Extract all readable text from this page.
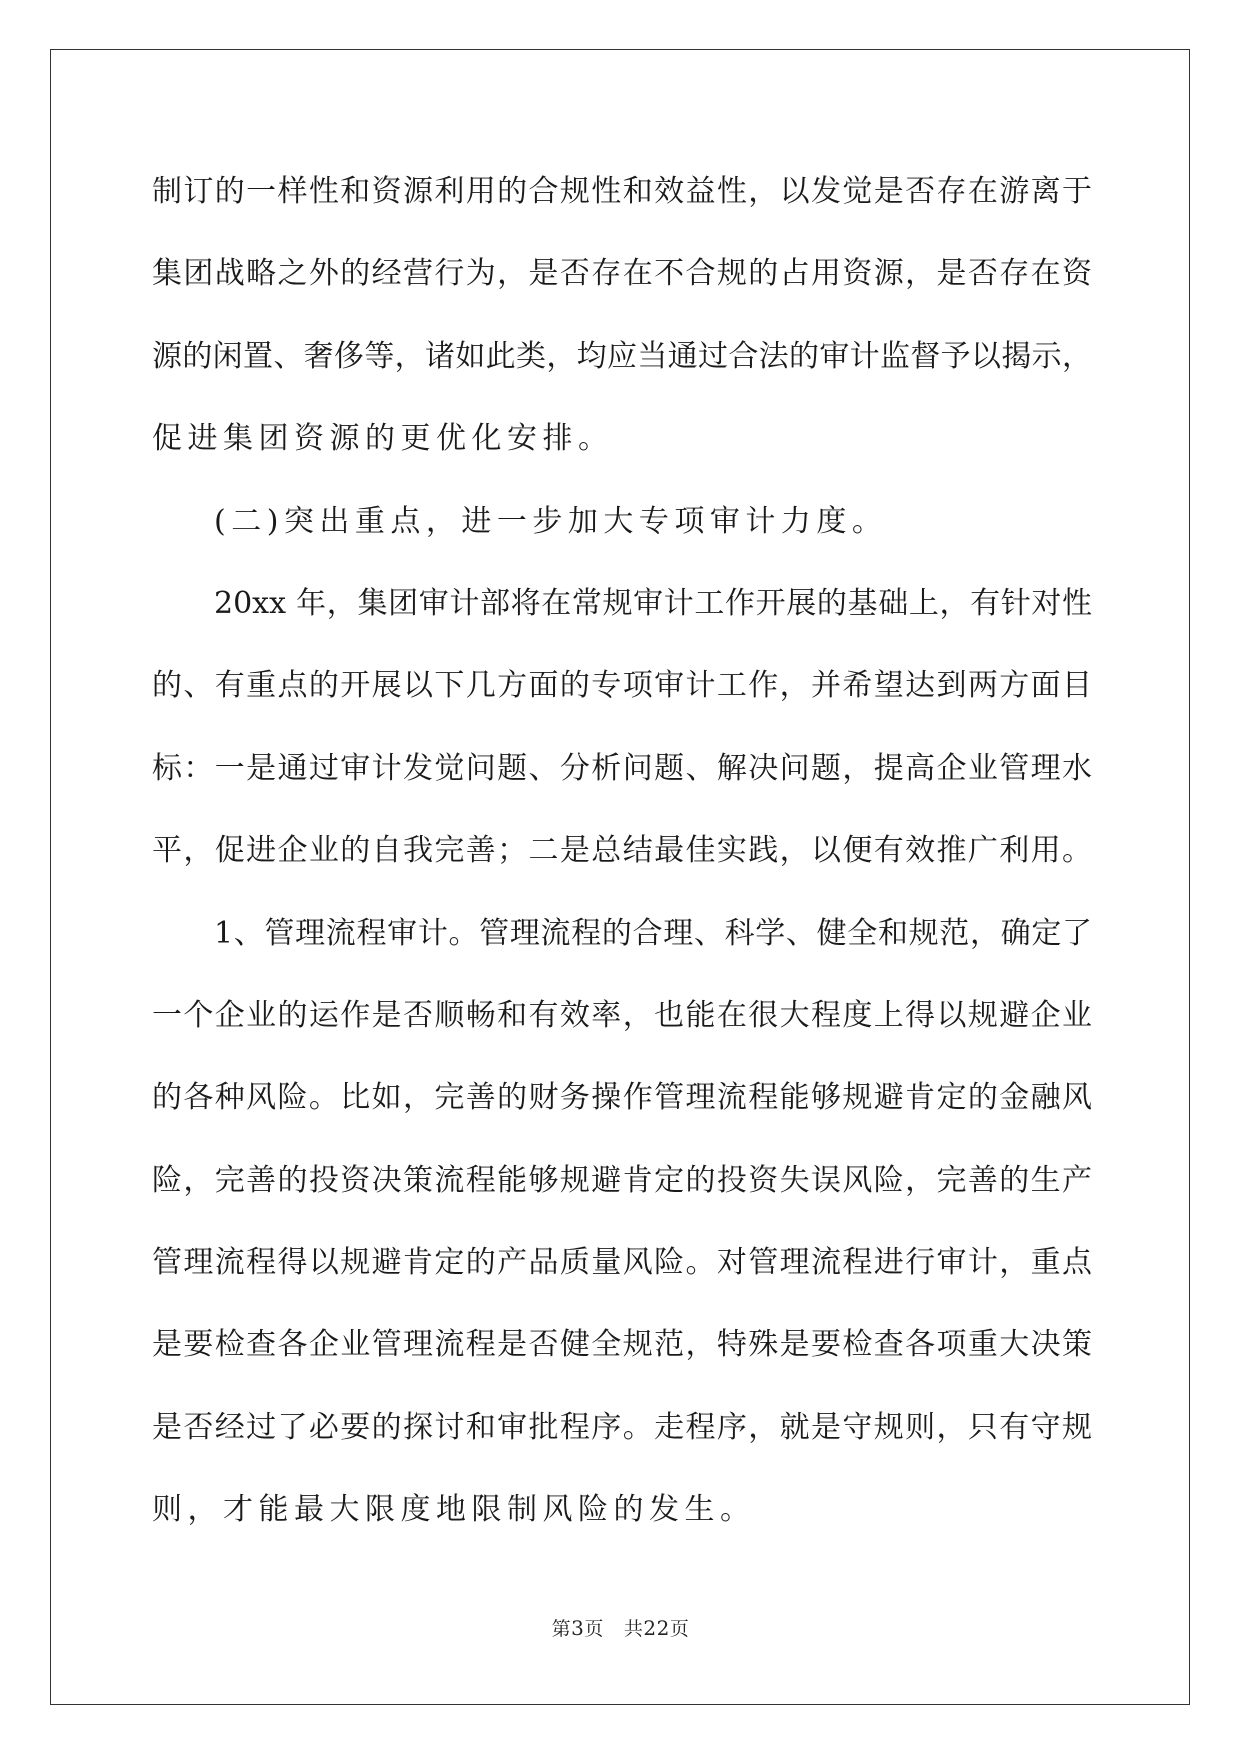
制订的一样性和资源利用的合规性和效益性，以发觉是否存在游离于
集团战略之外的经营行为，是否存在不合规的占用资源，是否存在资
源的闲置、奢侈等，诸如此类，均应当通过合法的审计监督予以揭示，
促进集团资源的更优化安排。
(二)突出重点，进一步加大专项审计力度。
20xx 年，集团审计部将在常规审计工作开展的基础上，有针对性
的、有重点的开展以下几方面的专项审计工作，并希望达到两方面目
标：一是通过审计发觉问题、分析问题、解决问题，提高企业管理水
平，促进企业的自我完善；二是总结最佳实践，以便有效推广利用。
1、管理流程审计。管理流程的合理、科学、健全和规范，确定了
一个企业的运作是否顺畅和有效率，也能在很大程度上得以规避企业
的各种风险。比如，完善的财务操作管理流程能够规避肯定的金融风
险，完善的投资决策流程能够规避肯定的投资失误风险，完善的生产
管理流程得以规避肯定的产品质量风险。对管理流程进行审计，重点
是要检查各企业管理流程是否健全规范，特殊是要检查各项重大决策
是否经过了必要的探讨和审批程序。走程序，就是守规则，只有守规
则，才能最大限度地限制风险的发生。
第3页 共22页
